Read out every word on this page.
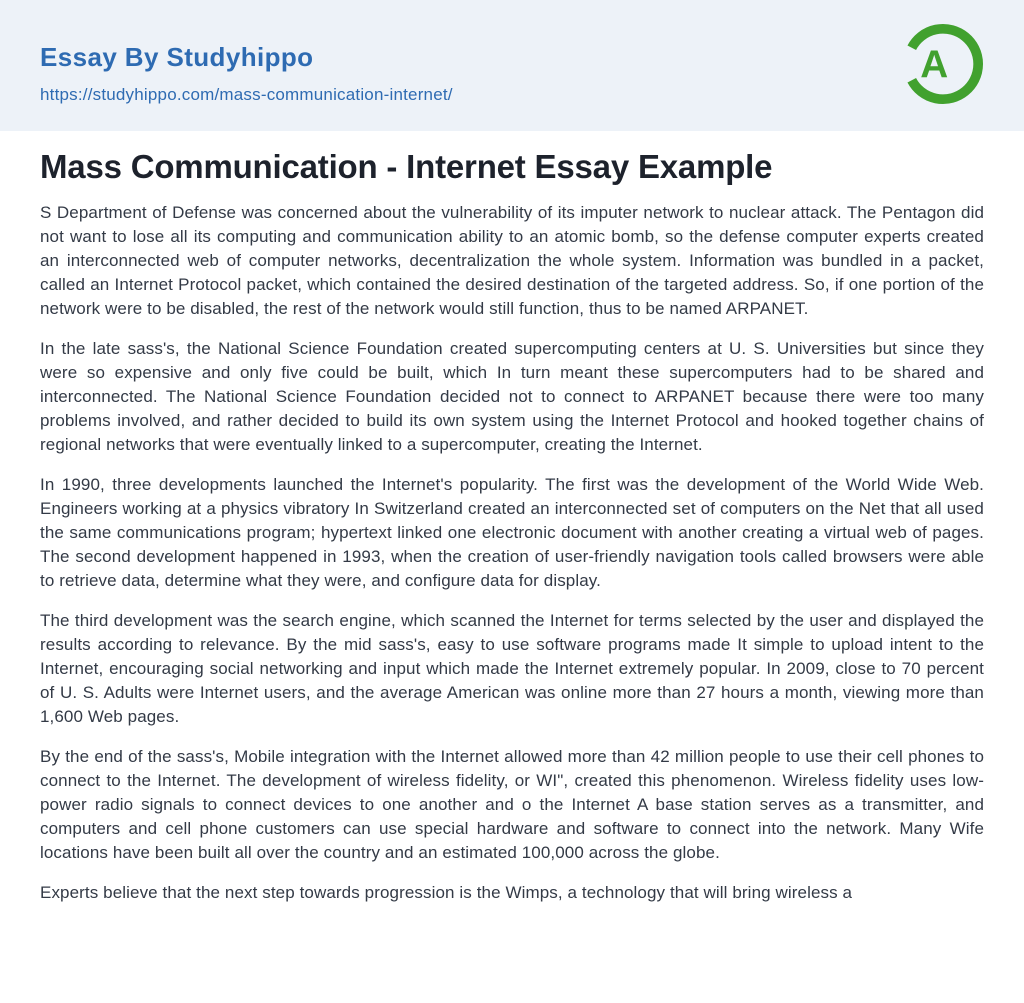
Essay By Studyhippo
https://studyhippo.com/mass-communication-internet/
A
Mass Communication - Internet Essay Example

S Department of Defense was concerned about the vulnerability of its imputer network to nuclear attack. The Pentagon did not want to lose all its computing and communication ability to an atomic bomb, so the defense computer experts created an interconnected web of computer networks, decentralization the whole system. Information was bundled in a packet, called an Internet Protocol packet, which contained the desired destination of the targeted address. So, if one portion of the network were to be disabled, the rest of the network would still function, thus to be named ARPANET.

In the late sass's, the National Science Foundation created supercomputing centers at U. S. Universities but since they were so expensive and only five could be built, which In turn meant these supercomputers had to be shared and interconnected. The National Science Foundation decided not to connect to ARPANET because there were too many problems involved, and rather decided to build its own system using the Internet Protocol and hooked together chains of regional networks that were eventually linked to a supercomputer, creating the Internet.

In 1990, three developments launched the Internet's popularity. The first was the development of the World Wide Web. Engineers working at a physics vibratory In Switzerland created an interconnected set of computers on the Net that all used the same communications program; hypertext linked one electronic document with another creating a virtual web of pages. The second development happened in 1993, when the creation of user-friendly navigation tools called browsers were able to retrieve data, determine what they were, and configure data for display.

The third development was the search engine, which scanned the Internet for terms selected by the user and displayed the results according to relevance. By the mid sass's, easy to use software programs made It simple to upload intent to the Internet, encouraging social networking and input which made the Internet extremely popular. In 2009, close to 70 percent of U. S. Adults were Internet users, and the average American was online more than 27 hours a month, viewing more than 1,600 Web pages.

By the end of the sass's, Mobile integration with the Internet allowed more than 42 million people to use their cell phones to connect to the Internet. The development of wireless fidelity, or WI", created this phenomenon. Wireless fidelity uses low-power radio signals to connect devices to one another and o the Internet A base station serves as a transmitter, and computers and cell phone customers can use special hardware and software to connect into the network. Many Wife locations have been built all over the country and an estimated 100,000 across the globe.

Experts believe that the next step towards progression is the Wimps, a technology that will bring wireless a
